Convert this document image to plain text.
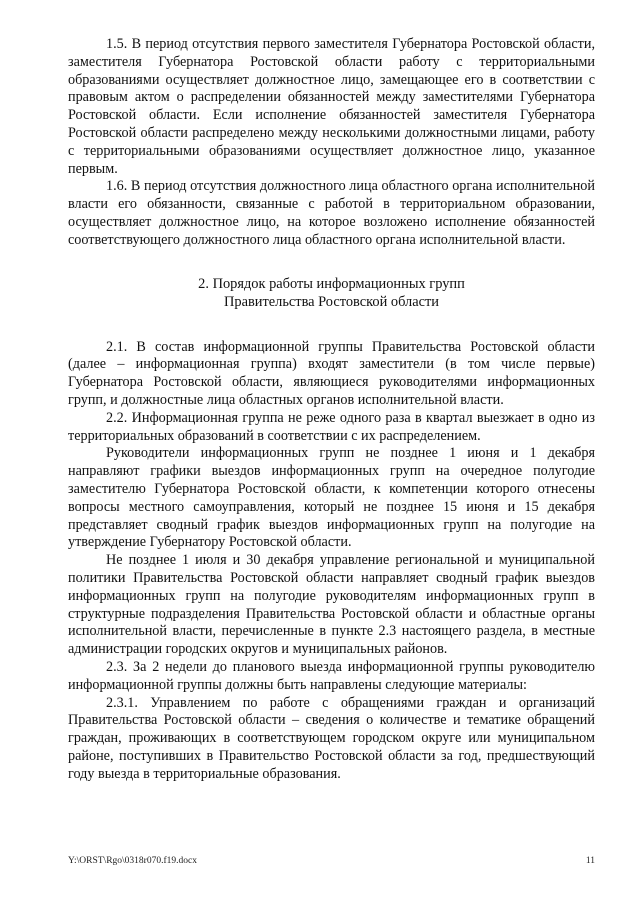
1.5. В период отсутствия первого заместителя Губернатора Ростовской области, заместителя Губернатора Ростовской области работу с территориальными образованиями осуществляет должностное лицо, замещающее его в соответствии с правовым актом о распределении обязанностей между заместителями Губернатора Ростовской области. Если исполнение обязанностей заместителя Губернатора Ростовской области распределено между несколькими должностными лицами, работу с территориальными образованиями осуществляет должностное лицо, указанное первым.

1.6. В период отсутствия должностного лица областного органа исполнительной власти его обязанности, связанные с работой в территориальном образовании, осуществляет должностное лицо, на которое возложено исполнение обязанностей соответствующего должностного лица областного органа исполнительной власти.

2. Порядок работы информационных групп
Правительства Ростовской области

2.1. В состав информационной группы Правительства Ростовской области (далее – информационная группа) входят заместители (в том числе первые) Губернатора Ростовской области, являющиеся руководителями информационных групп, и должностные лица областных органов исполнительной власти.

2.2. Информационная группа не реже одного раза в квартал выезжает в одно из территориальных образований в соответствии с их распределением.

Руководители информационных групп не позднее 1 июня и 1 декабря направляют графики выездов информационных групп на очередное полугодие заместителю Губернатора Ростовской области, к компетенции которого отнесены вопросы местного самоуправления, который не позднее 15 июня и 15 декабря представляет сводный график выездов информационных групп на полугодие на утверждение Губернатору Ростовской области.

Не позднее 1 июля и 30 декабря управление региональной и муниципальной политики Правительства Ростовской области направляет сводный график выездов информационных групп на полугодие руководителям информационных групп в структурные подразделения Правительства Ростовской области и областные органы исполнительной власти, перечисленные в пункте 2.3 настоящего раздела, в местные администрации городских округов и муниципальных районов.

2.3. За 2 недели до планового выезда информационной группы руководителю информационной группы должны быть направлены следующие материалы:

2.3.1. Управлением по работе с обращениями граждан и организаций Правительства Ростовской области – сведения о количестве и тематике обращений граждан, проживающих в соответствующем городском округе или муниципальном районе, поступивших в Правительство Ростовской области за год, предшествующий году выезда в территориальные образования.

Y:\ORST\Rgo\0318r070.f19.docx	11
